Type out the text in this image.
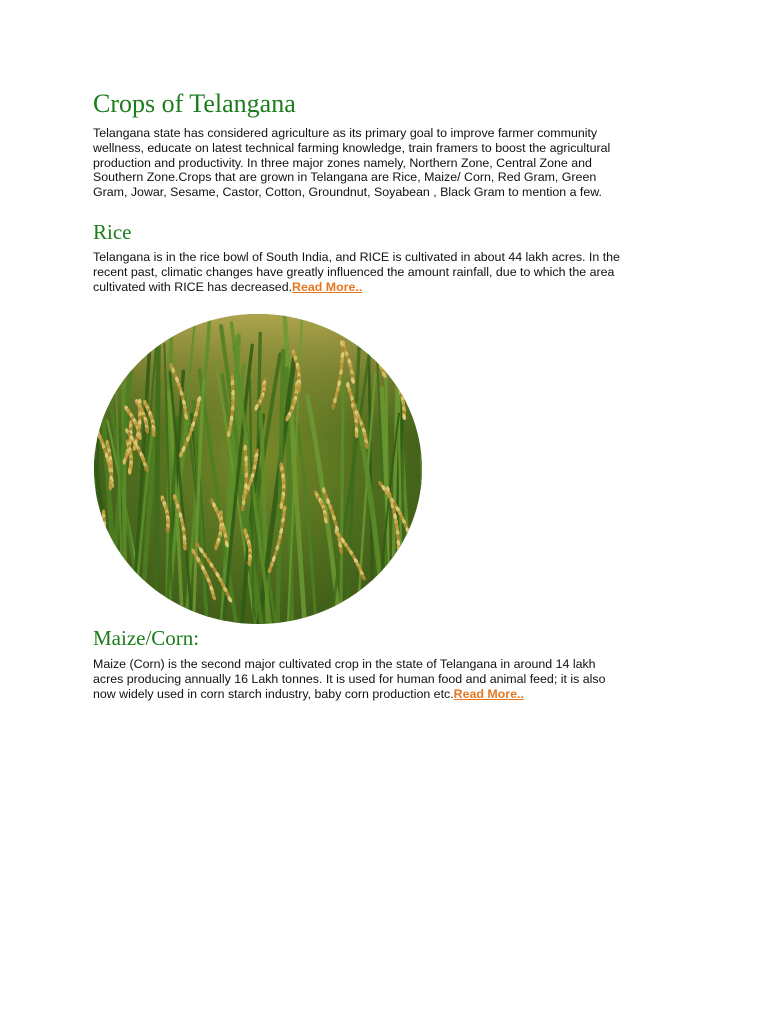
Crops of Telangana

Telangana state has considered agriculture as its primary goal to improve farmer community
wellness, educate on latest technical farming knowledge, train framers to boost the agricultural
production and productivity. In three major zones namely, Northern Zone, Central Zone and
Southern Zone.Crops that are grown in Telangana are Rice, Maize/ Corn, Red Gram, Green
Gram, Jowar, Sesame, Castor, Cotton, Groundnut, Soyabean , Black Gram to mention a few.

Rice

Telangana is in the rice bowl of South India, and RICE is cultivated in about 44 lakh acres. In the
recent past, climatic changes have greatly influenced the amount rainfall, due to which the area
cultivated with RICE has decreased.Read More..

Maize/Corn:

Maize (Corn) is the second major cultivated crop in the state of Telangana in around 14 lakh
acres producing annually 16 Lakh tonnes. It is used for human food and animal feed; it is also
now widely used in corn starch industry, baby corn production etc.Read More..
